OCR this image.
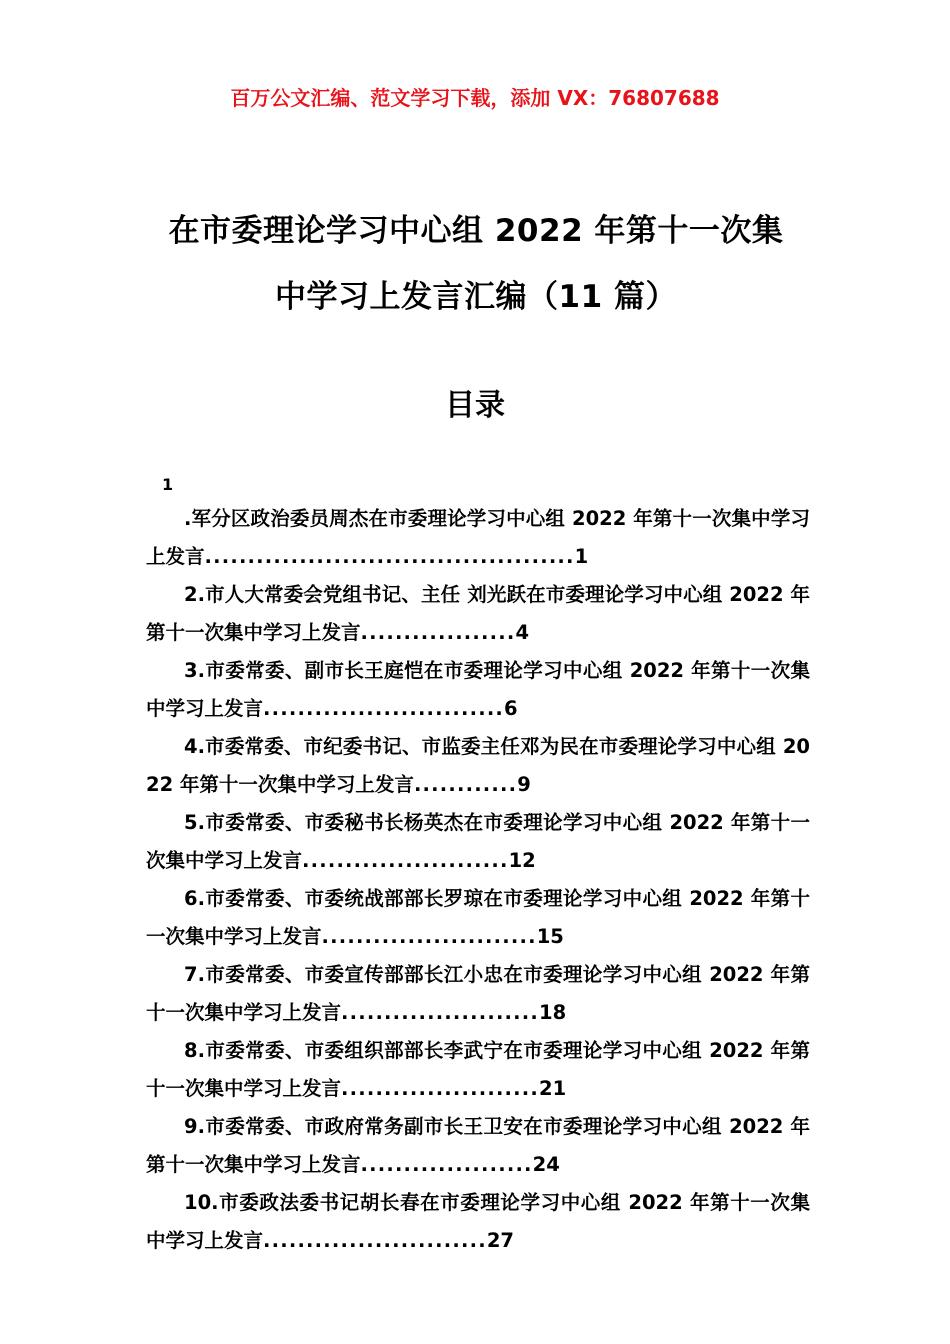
百万公文汇编、范文学习下载，添加 VX：76807688
在市委理论学习中心组 2022 年第十一次集
中学习上发言汇编（11 篇）
目录
1
.军分区政治委员周杰在市委理论学习中心组 2022 年第十一次集中学习上发言...........................................1
2.市人大常委会党组书记、主任 刘光跃在市委理论学习中心组 2022 年第十一次集中学习上发言..................4
3.市委常委、副市长王庭恺在市委理论学习中心组 2022 年第十一次集中学习上发言............................6
4.市委常委、市纪委书记、市监委主任邓为民在市委理论学习中心组 2022 年第十一次集中学习上发言............9
5.市委常委、市委秘书长杨英杰在市委理论学习中心组 2022 年第十一次集中学习上发言........................12
6.市委常委、市委统战部部长罗琼在市委理论学习中心组 2022 年第十一次集中学习上发言.........................15
7.市委常委、市委宣传部部长江小忠在市委理论学习中心组 2022 年第十一次集中学习上发言.......................18
8.市委常委、市委组织部部长李武宁在市委理论学习中心组 2022 年第十一次集中学习上发言.......................21
9.市委常委、市政府常务副市长王卫安在市委理论学习中心组 2022 年第十一次集中学习上发言....................24
10.市委政法委书记胡长春在市委理论学习中心组 2022 年第十一次集中学习上发言..........................27
